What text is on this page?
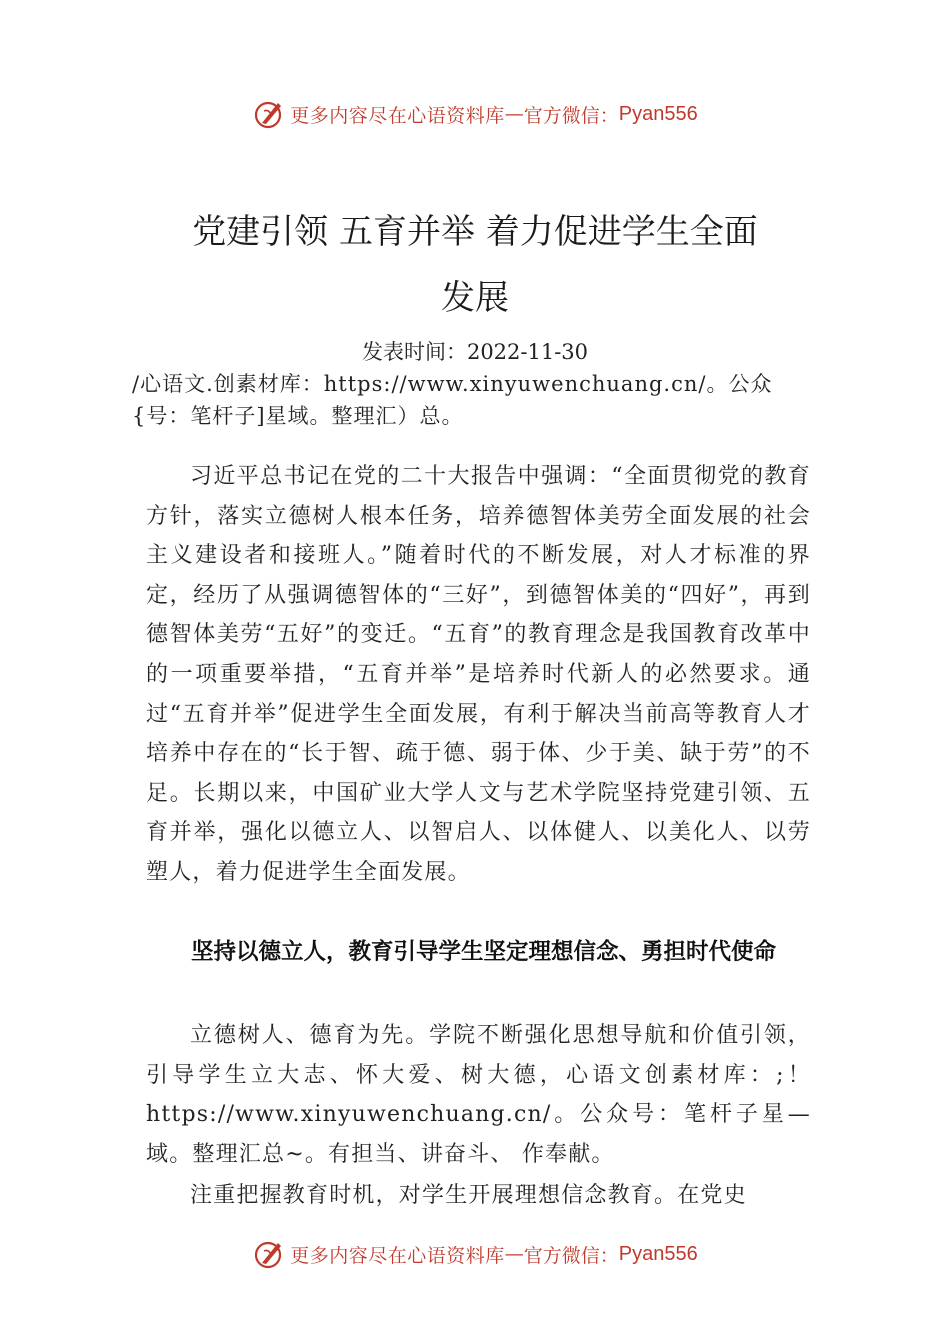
更多内容尽在心语资料库 — 官方微信： Pyan556
党建引领 五育并举 着力促进学生全面
发展
发表时间：2022-11-30
/心语文.创素材库：https://www.xinyuwenchuang.cn/。公众
{号：笔杆子]星域。整理汇）总。

习近平总书记在党的二十大报告中强调：“全面贯彻党的教育方针，落实立德树人根本任务，培养德智体美劳全面发展的社会主义建设者和接班人。”随着时代的不断发展，对人才标准的界定，经历了从强调德智体的“三好”，到德智体美的“四好”，再到德智体美劳“五好”的变迁。“五育”的教育理念是我国教育改革中的一项重要举措，“五育并举”是培养时代新人的必然要求。通过“五育并举”促进学生全面发展，有利于解决当前高等教育人才培养中存在的“长于智、疏于德、弱于体、少于美、缺于劳”的不足。长期以来，中国矿业大学人文与艺术学院坚持党建引领、五育并举，强化以德立人、以智启人、以体健人、以美化人、以劳塑人，着力促进学生全面发展。

坚持以德立人，教育引导学生坚定理想信念、勇担时代使命

立德树人、德育为先。学院不断强化思想导航和价值引领，引导学生立大志、怀大爱、树大德，心语文创素材库：;！https://www.xinyuwenchuang.cn/。公众号：笔杆子星—域。整理汇总~。有担当、讲奋斗、 作奉献。

注重把握教育时机，对学生开展理想信念教育。在党史

更多内容尽在心语资料库 — 官方微信： Pyan556
